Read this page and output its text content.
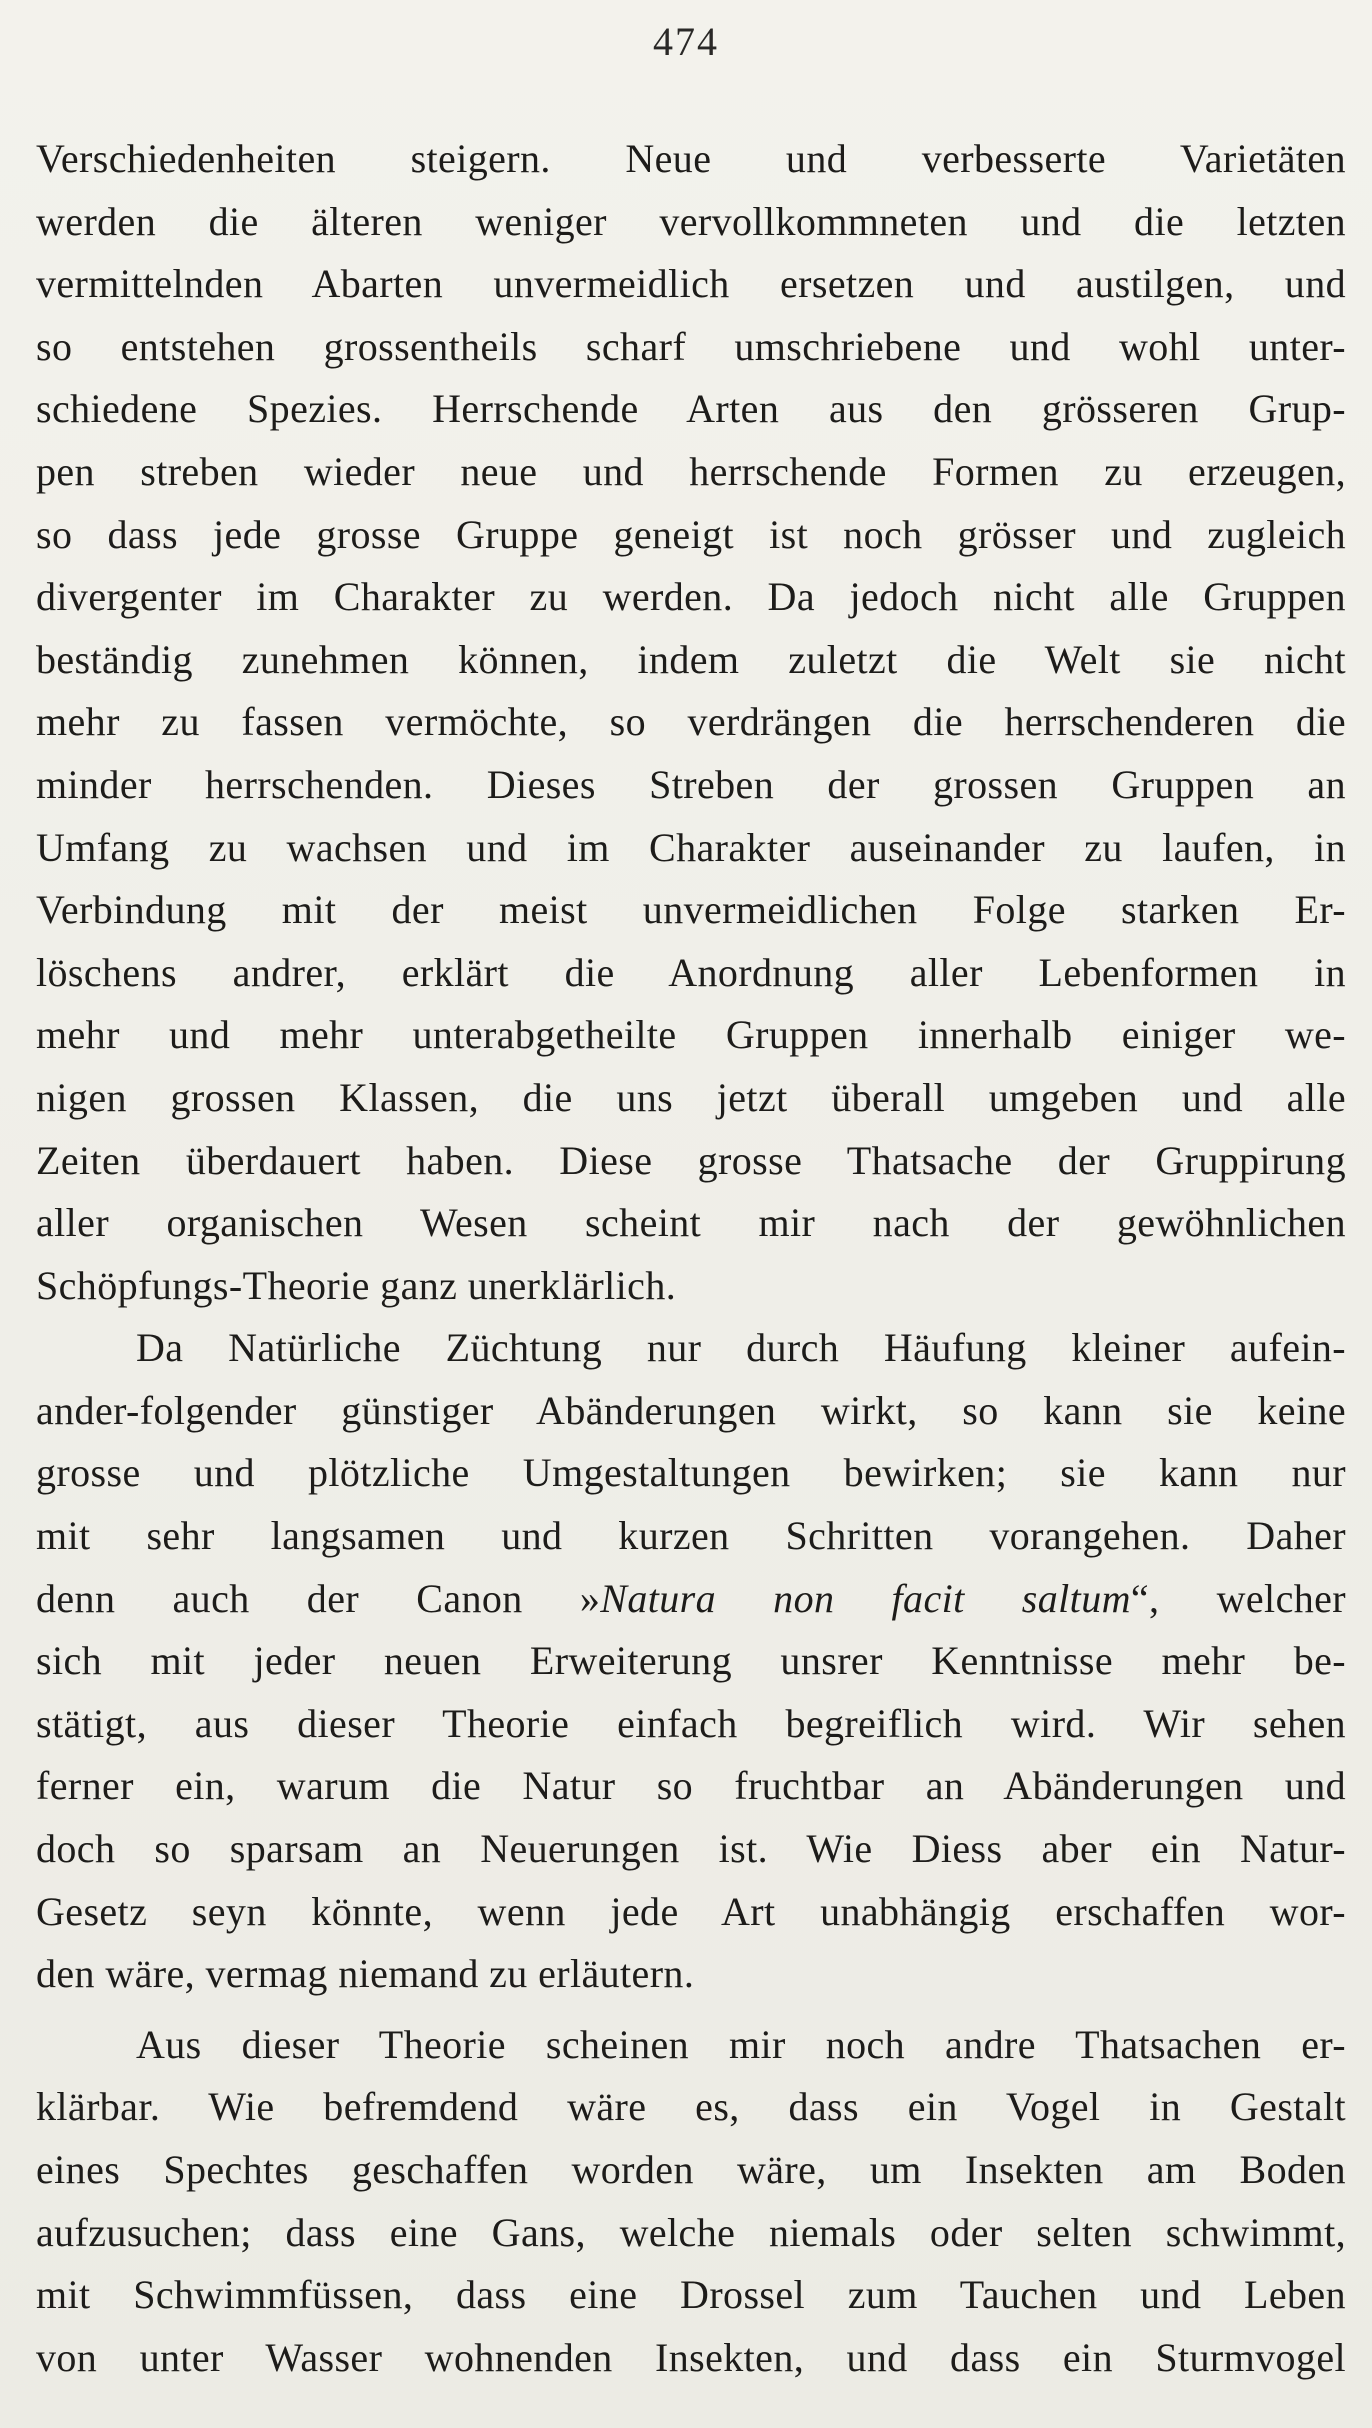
474
Verschiedenheiten steigern. Neue und verbesserte Varietäten
werden die älteren weniger vervollkommneten und die letzten
vermittelnden Abarten unvermeidlich ersetzen und austilgen, und
so entstehen grossentheils scharf umschriebene und wohl unter-
schiedene Spezies. Herrschende Arten aus den grösseren Grup-
pen streben wieder neue und herrschende Formen zu erzeugen,
so dass jede grosse Gruppe geneigt ist noch grösser und zugleich
divergenter im Charakter zu werden. Da jedoch nicht alle Gruppen
beständig zunehmen können, indem zuletzt die Welt sie nicht
mehr zu fassen vermöchte, so verdrängen die herrschenderen die
minder herrschenden. Dieses Streben der grossen Gruppen an
Umfang zu wachsen und im Charakter auseinander zu laufen, in
Verbindung mit der meist unvermeidlichen Folge starken Er-
löschens andrer, erklärt die Anordnung aller Lebenformen in
mehr und mehr unterabgetheilte Gruppen innerhalb einiger we-
nigen grossen Klassen, die uns jetzt überall umgeben und alle
Zeiten überdauert haben. Diese grosse Thatsache der Gruppirung
aller organischen Wesen scheint mir nach der gewöhnlichen
Schöpfungs-Theorie ganz unerklärlich.
Da Natürliche Züchtung nur durch Häufung kleiner aufein-
ander-folgender günstiger Abänderungen wirkt, so kann sie keine
grosse und plötzliche Umgestaltungen bewirken; sie kann nur
mit sehr langsamen und kurzen Schritten vorangehen. Daher
denn auch der Canon »Natura non facit saltum“, welcher
sich mit jeder neuen Erweiterung unsrer Kenntnisse mehr be-
stätigt, aus dieser Theorie einfach begreiflich wird. Wir sehen
ferner ein, warum die Natur so fruchtbar an Abänderungen und
doch so sparsam an Neuerungen ist. Wie Diess aber ein Natur-
Gesetz seyn könnte, wenn jede Art unabhängig erschaffen wor-
den wäre, vermag niemand zu erläutern.
Aus dieser Theorie scheinen mir noch andre Thatsachen er-
klärbar. Wie befremdend wäre es, dass ein Vogel in Gestalt
eines Spechtes geschaffen worden wäre, um Insekten am Boden
aufzusuchen; dass eine Gans, welche niemals oder selten schwimmt,
mit Schwimmfüssen, dass eine Drossel zum Tauchen und Leben
von unter Wasser wohnenden Insekten, und dass ein Sturmvogel
